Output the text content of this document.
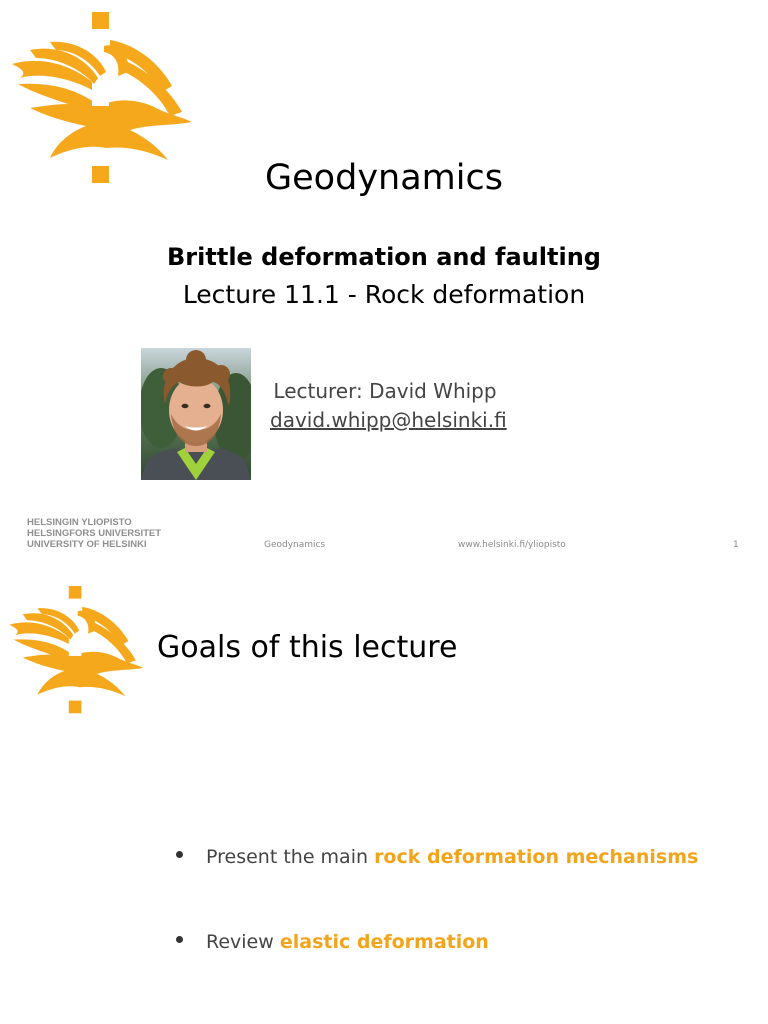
Geodynamics
Brittle deformation and faulting
Lecture 11.1 - Rock deformation
Lecturer: David Whipp
david.whipp@helsinki.fi
HELSINGIN YLIOPISTO
HELSINGFORS UNIVERSITET
UNIVERSITY OF HELSINKI	Geodynamics	www.helsinki.fi/yliopisto	1
Goals of this lecture
Present the main rock deformation mechanisms
Review elastic deformation
